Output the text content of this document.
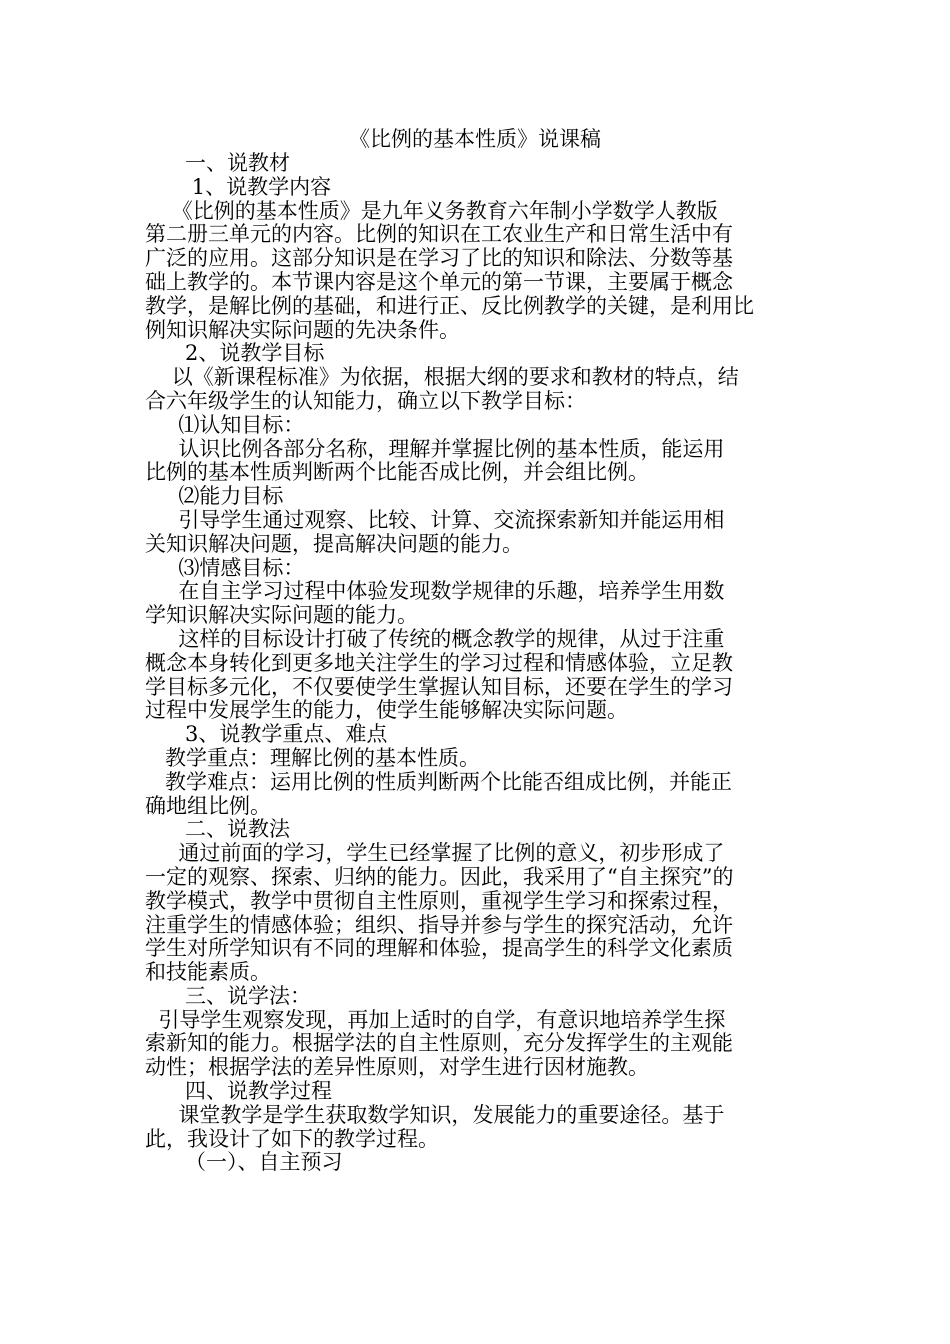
《比例的基本性质》说课稿
一、说教材
1、说教学内容
《比例的基本性质》是九年义务教育六年制小学数学人教版
第二册三单元的内容。比例的知识在工农业生产和日常生活中有
广泛的应用。这部分知识是在学习了比的知识和除法、分数等基
础上教学的。本节课内容是这个单元的第一节课，主要属于概念
教学，是解比例的基础，和进行正、反比例教学的关键，是利用比
例知识解决实际问题的先决条件。
2、说教学目标
以《新课程标准》为依据，根据大纲的要求和教材的特点，结
合六年级学生的认知能力，确立以下教学目标：
⑴认知目标：
认识比例各部分名称，理解并掌握比例的基本性质，能运用
比例的基本性质判断两个比能否成比例，并会组比例。
⑵能力目标
引导学生通过观察、比较、计算、交流探索新知并能运用相
关知识解决问题，提高解决问题的能力。
⑶情感目标：
在自主学习过程中体验发现数学规律的乐趣，培养学生用数
学知识解决实际问题的能力。
这样的目标设计打破了传统的概念教学的规律，从过于注重
概念本身转化到更多地关注学生的学习过程和情感体验，立足教
学目标多元化，不仅要使学生掌握认知目标，还要在学生的学习
过程中发展学生的能力，使学生能够解决实际问题。
3、说教学重点、难点
教学重点：理解比例的基本性质。
教学难点：运用比例的性质判断两个比能否组成比例，并能正
确地组比例。
二、说教法
通过前面的学习，学生已经掌握了比例的意义，初步形成了
一定的观察、探索、归纳的能力。因此，我采用了“自主探究”的
教学模式，教学中贯彻自主性原则，重视学生学习和探索过程，
注重学生的情感体验；组织、指导并参与学生的探究活动，允许
学生对所学知识有不同的理解和体验，提高学生的科学文化素质
和技能素质。
三、说学法：
引导学生观察发现，再加上适时的自学，有意识地培养学生探
索新知的能力。根据学法的自主性原则，充分发挥学生的主观能
动性；根据学法的差异性原则，对学生进行因材施教。
四、说教学过程
课堂教学是学生获取数学知识，发展能力的重要途径。基于
此，我设计了如下的教学过程。
（一）、自主预习
